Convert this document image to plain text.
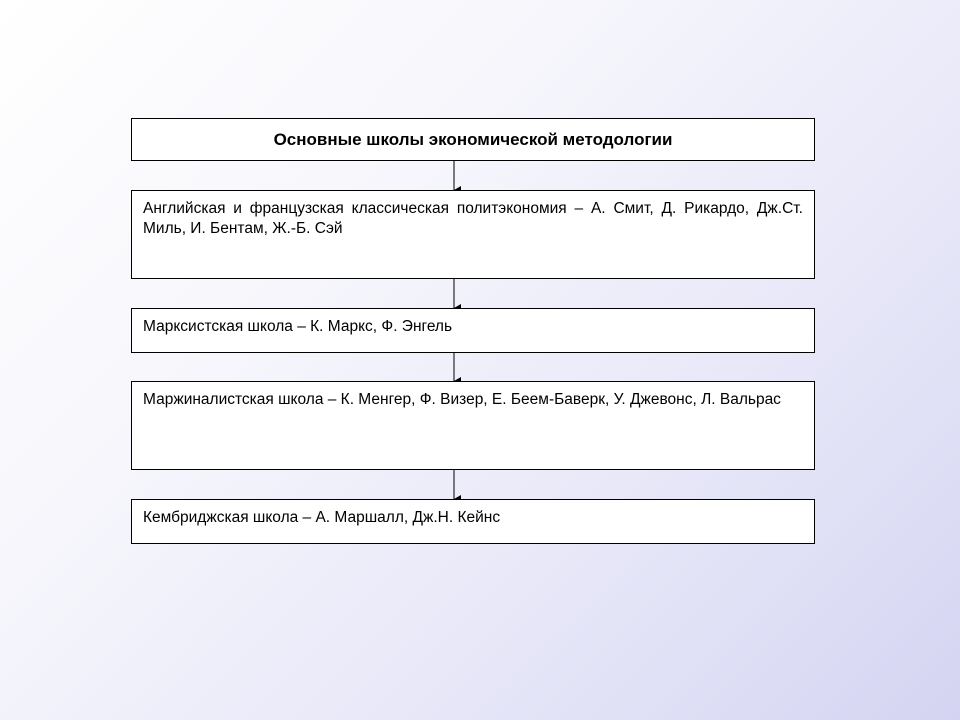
Основные школы экономической методологии
Английская и французская классическая политэкономия – А. Смит, Д. Рикардо, Дж.Ст. Миль, И. Бентам, Ж.-Б. Сэй
Марксистская школа – К. Маркс, Ф. Энгель
Маржиналистская школа – К. Менгер, Ф. Визер, Е. Беем-Баверк, У. Джевонс, Л. Вальрас
Кембриджская школа – А. Маршалл, Дж.Н. Кейнс
